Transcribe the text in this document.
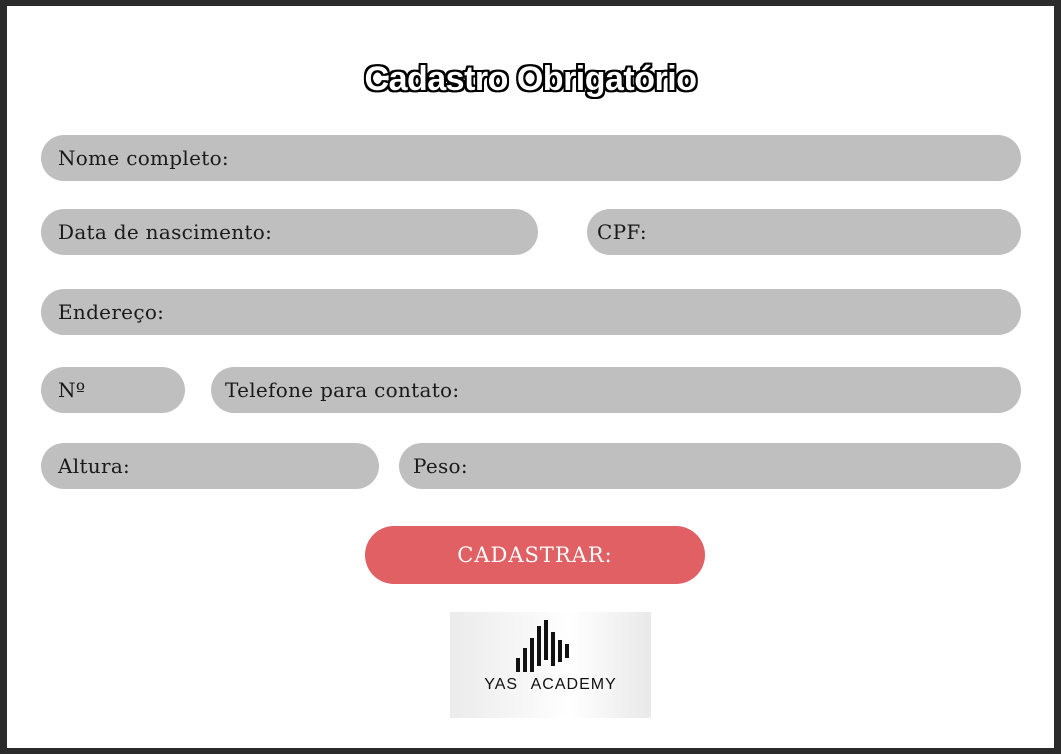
Cadastro Obrigatório
Nome completo:
Data de nascimento:	CPF:
Endereço:
Nº	Telefone para contato:
Altura:	Peso:
CADASTRAR:
YAS ACADEMY
